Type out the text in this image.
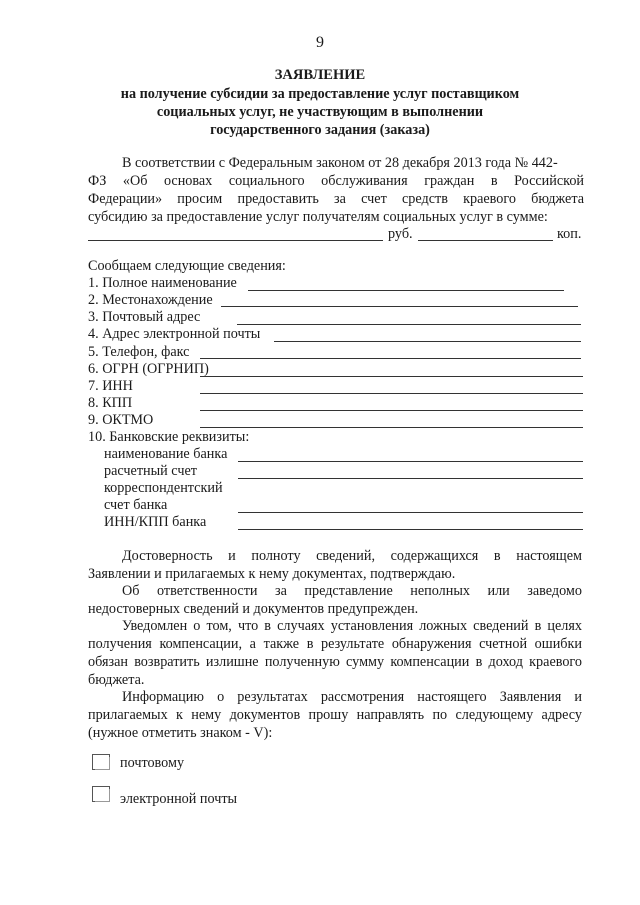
9
ЗАЯВЛЕНИЕ
на получение субсидии за предоставление услуг поставщиком
социальных услуг, не участвующим в выполнении
государственного задания (заказа)
В соответствии с Федеральным законом от 28 декабря 2013 года № 442-
ФЗ «Об основах социального обслуживания граждан в Российской
Федерации» просим предоставить за счет средств краевого бюджета
субсидию за предоставление услуг получателям социальных услуг в сумме:
руб.	коп.
Сообщаем следующие сведения:
1. Полное наименование
2. Местонахождение
3. Почтовый адрес
4. Адрес электронной почты
5. Телефон, факс
6. ОГРН (ОГРНИП)
7. ИНН
8. КПП
9. ОКТМО
10. Банковские реквизиты:
наименование банка
расчетный счет
корреспондентский
счет банка
ИНН/КПП банка
Достоверность и полноту сведений, содержащихся в настоящем
Заявлении и прилагаемых к нему документах, подтверждаю.
Об ответственности за представление неполных или заведомо
недостоверных сведений и документов предупрежден.
Уведомлен о том, что в случаях установления ложных сведений в целях
получения компенсации, а также в результате обнаружения счетной ошибки
обязан возвратить излишне полученную сумму компенсации в доход краевого
бюджета.
Информацию о результатах рассмотрения настоящего Заявления и
прилагаемых к нему документов прошу направлять по следующему адресу
(нужное отметить знаком - V):
почтовому
электронной почты
